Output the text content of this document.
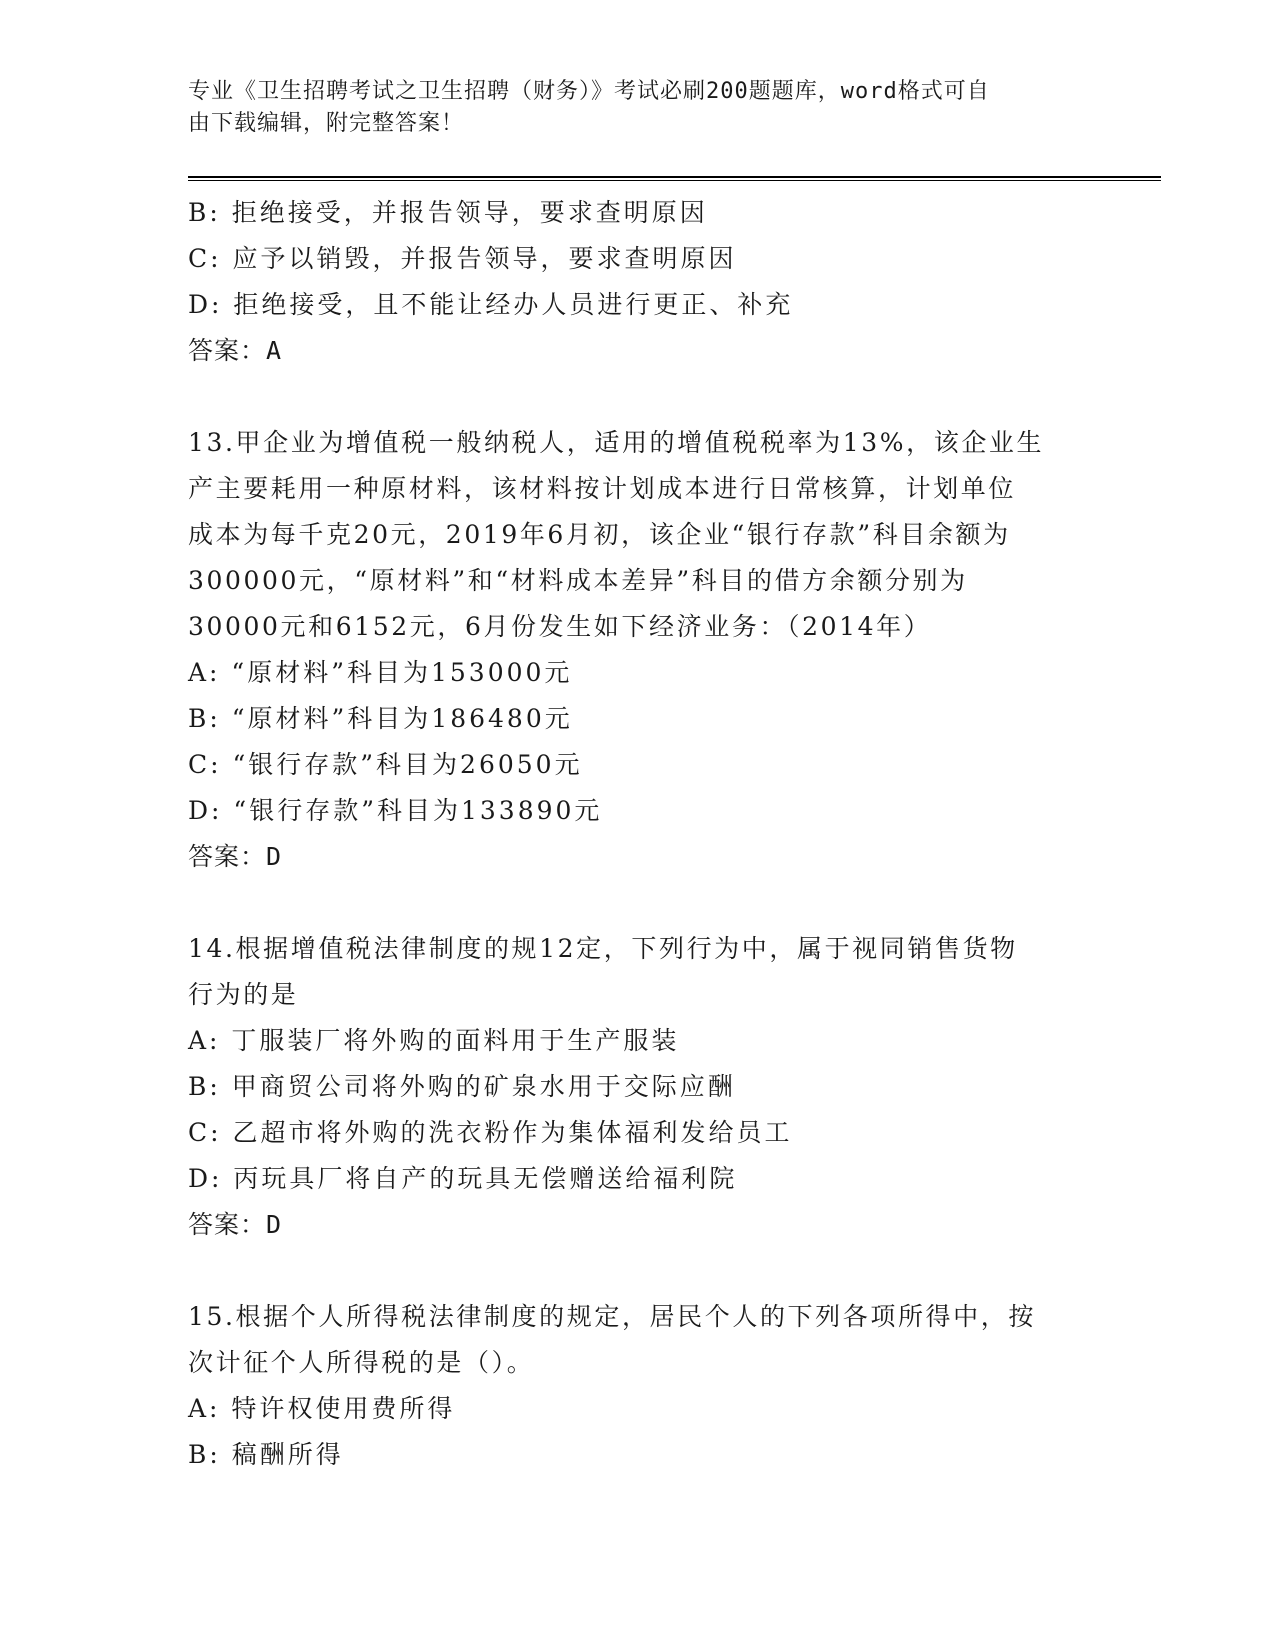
专业《卫生招聘考试之卫生招聘（财务）》考试必刷200题题库，word格式可自
由下载编辑，附完整答案！
B: 拒绝接受，并报告领导，要求查明原因
C: 应予以销毁，并报告领导，要求查明原因
D: 拒绝接受，且不能让经办人员进行更正、补充
答案：A
13.甲企业为增值税一般纳税人，适用的增值税税率为13%，该企业生
产主要耗用一种原材料，该材料按计划成本进行日常核算，计划单位
成本为每千克20元，2019年6月初，该企业“银行存款”科目余额为
300000元，“原材料”和“材料成本差异”科目的借方余额分别为
30000元和6152元，6月份发生如下经济业务：（2014年）
A: “原材料”科目为153000元
B: “原材料”科目为186480元
C: “银行存款”科目为26050元
D: “银行存款”科目为133890元
答案：D
14.根据增值税法律制度的规12定，下列行为中，属于视同销售货物
行为的是
A: 丁服装厂将外购的面料用于生产服装
B: 甲商贸公司将外购的矿泉水用于交际应酬
C: 乙超市将外购的洗衣粉作为集体福利发给员工
D: 丙玩具厂将自产的玩具无偿赠送给福利院
答案：D
15.根据个人所得税法律制度的规定，居民个人的下列各项所得中，按
次计征个人所得税的是（）。
A: 特许权使用费所得
B: 稿酬所得
